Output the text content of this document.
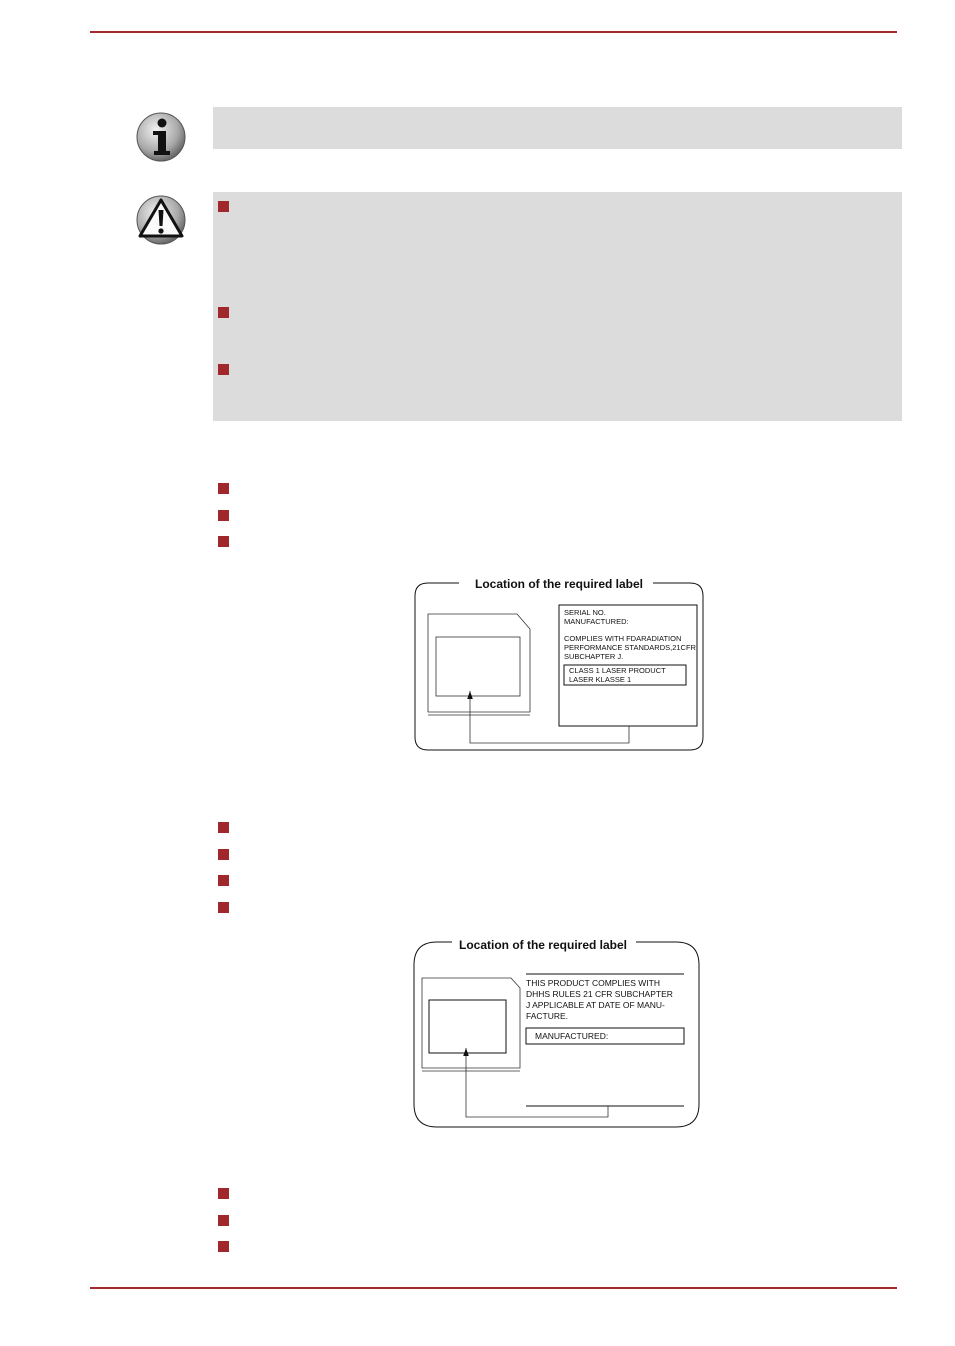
Location of the required label
SERIAL NO.
MANUFACTURED:
COMPLIES WITH FDARADIATION
PERFORMANCE STANDARDS,21CFR
SUBCHAPTER J.
CLASS 1 LASER PRODUCT
LASER KLASSE 1
Location of the required label
THIS PRODUCT COMPLIES WITH
DHHS RULES 21 CFR SUBCHAPTER
J APPLICABLE AT DATE OF MANU-
FACTURE.
MANUFACTURED:
